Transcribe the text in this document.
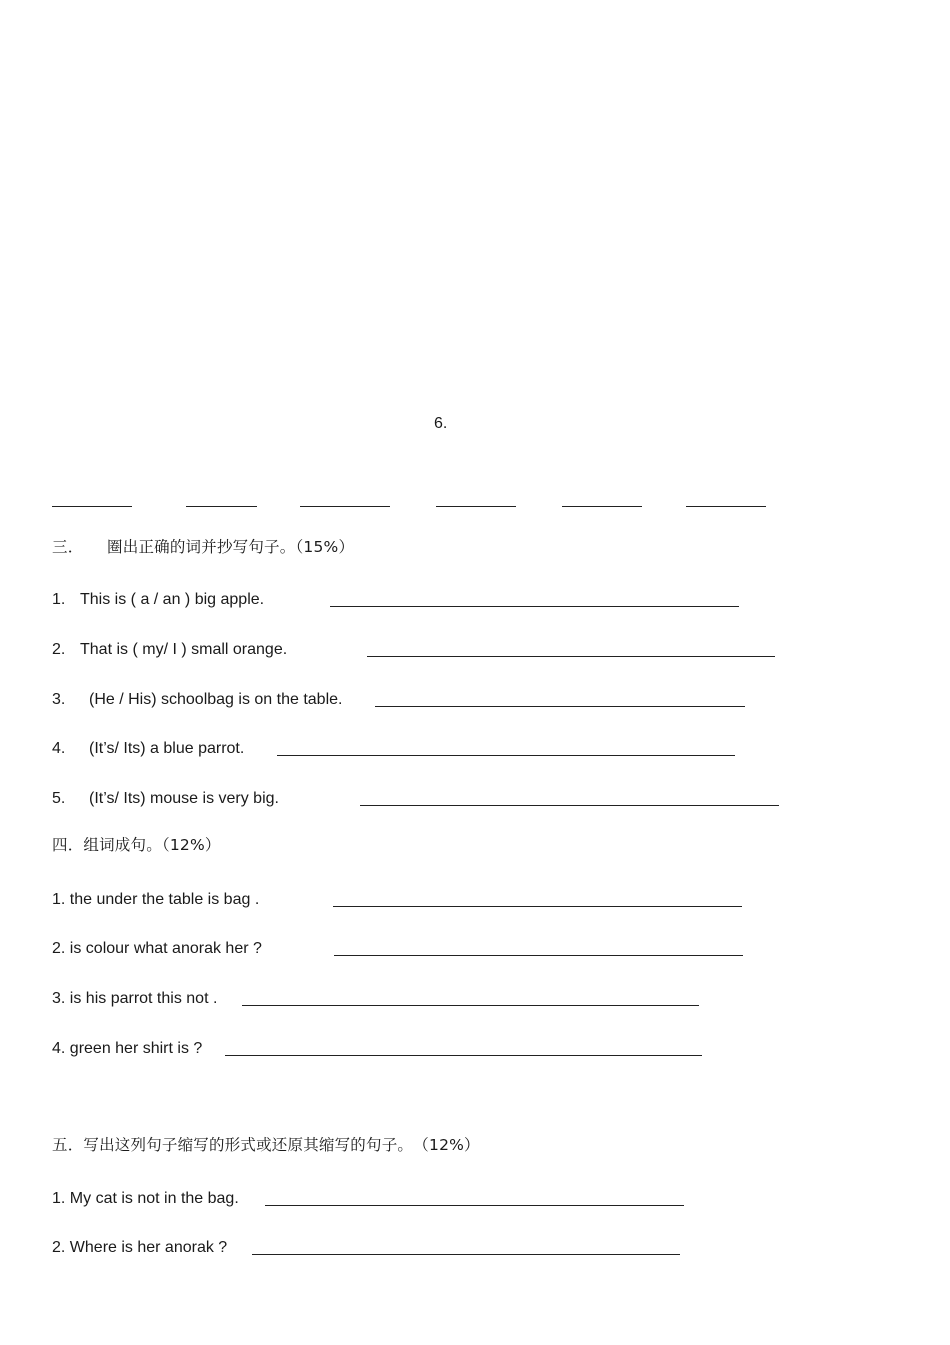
6.
三．　　圈出正确的词并抄写句子。（15%）
1. This is ( a / an ) big apple.
2. That is ( my/ I ) small orange.
3. (He / His) schoolbag is on the table.
4. (It’s/ Its) a blue parrot.
5. (It’s/ Its) mouse is very big.
四．组词成句。（12%）
1. the under the table is bag .
2. is colour what anorak her ?
3. is his parrot this not .
4. green her shirt is ?
五．写出这列句子缩写的形式或还原其缩写的句子。　（12%）
1. My cat is not in the bag.
2. Where is her anorak ?
